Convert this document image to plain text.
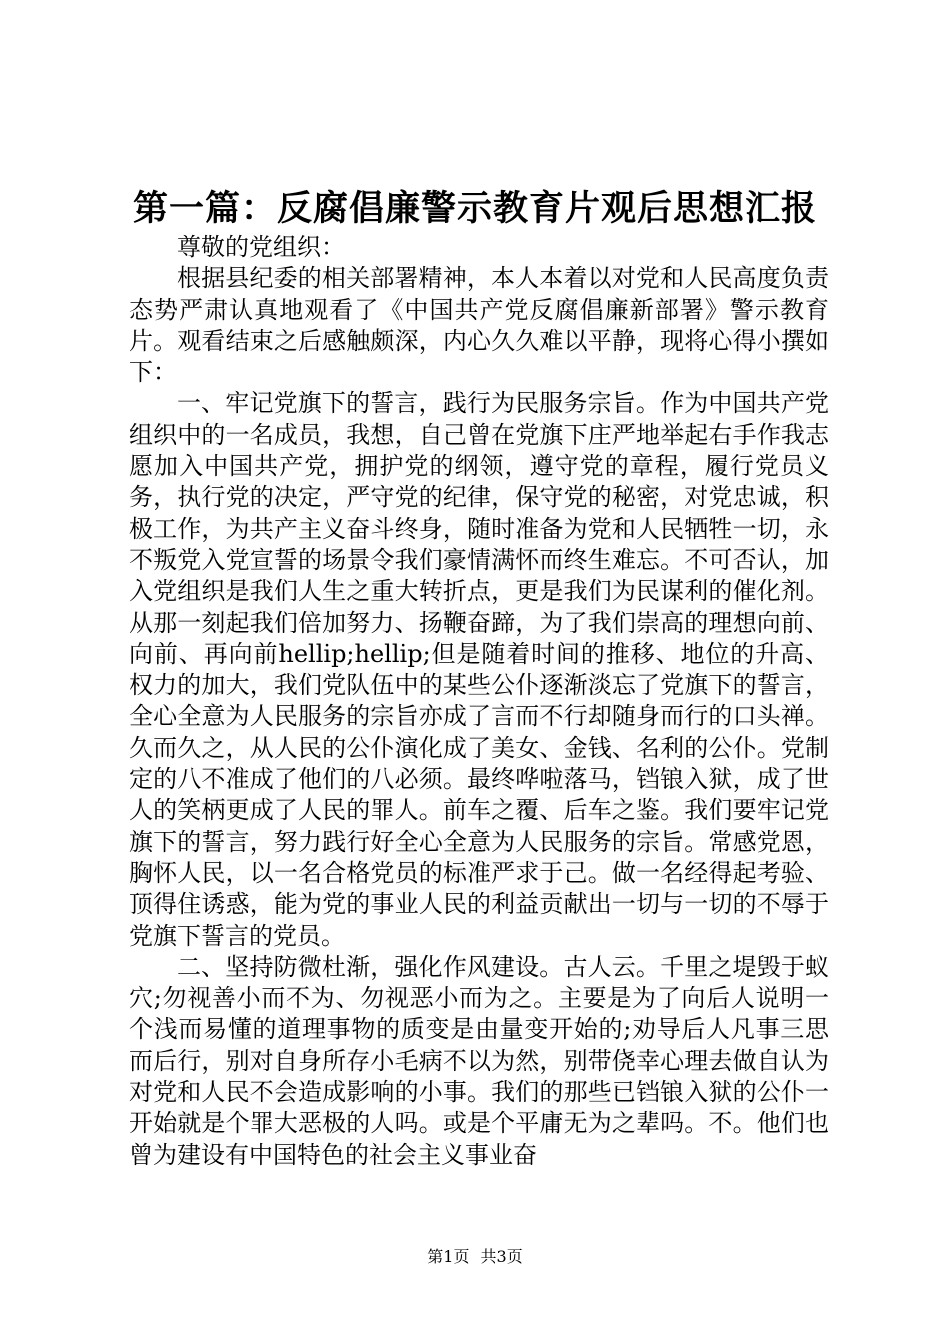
第一篇：反腐倡廉警示教育片观后思想汇报

尊敬的党组织：

根据县纪委的相关部署精神，本人本着以对党和人民高度负责态势严肃认真地观看了《中国共产党反腐倡廉新部署》警示教育片。观看结束之后感触颇深，内心久久难以平静，现将心得小撰如下：

一、牢记党旗下的誓言，践行为民服务宗旨。作为中国共产党组织中的一名成员，我想，自己曾在党旗下庄严地举起右手作我志愿加入中国共产党，拥护党的纲领，遵守党的章程，履行党员义务，执行党的决定，严守党的纪律，保守党的秘密，对党忠诚，积极工作，为共产主义奋斗终身，随时准备为党和人民牺牲一切，永不叛党入党宣誓的场景令我们豪情满怀而终生难忘。不可否认，加入党组织是我们人生之重大转折点，更是我们为民谋利的催化剂。从那一刻起我们倍加努力、扬鞭奋蹄，为了我们崇高的理想向前、向前、再向前hellip;hellip;但是随着时间的推移、地位的升高、权力的加大，我们党队伍中的某些公仆逐渐淡忘了党旗下的誓言，全心全意为人民服务的宗旨亦成了言而不行却随身而行的口头禅。久而久之，从人民的公仆演化成了美女、金钱、名利的公仆。党制定的八不准成了他们的八必须。最终哗啦落马，铛锒入狱，成了世人的笑柄更成了人民的罪人。前车之覆、后车之鉴。我们要牢记党旗下的誓言，努力践行好全心全意为人民服务的宗旨。常感党恩，胸怀人民，以一名合格党员的标准严求于己。做一名经得起考验、顶得住诱惑，能为党的事业人民的利益贡献出一切与一切的不辱于党旗下誓言的党员。

二、坚持防微杜渐，强化作风建设。古人云。千里之堤毁于蚁穴;勿视善小而不为、勿视恶小而为之。主要是为了向后人说明一个浅而易懂的道理事物的质变是由量变开始的;劝导后人凡事三思而后行，别对自身所存小毛病不以为然，别带侥幸心理去做自认为对党和人民不会造成影响的小事。我们的那些已铛锒入狱的公仆一开始就是个罪大恶极的人吗。或是个平庸无为之辈吗。不。他们也曾为建设有中国特色的社会主义事业奋

第1页 共3页
